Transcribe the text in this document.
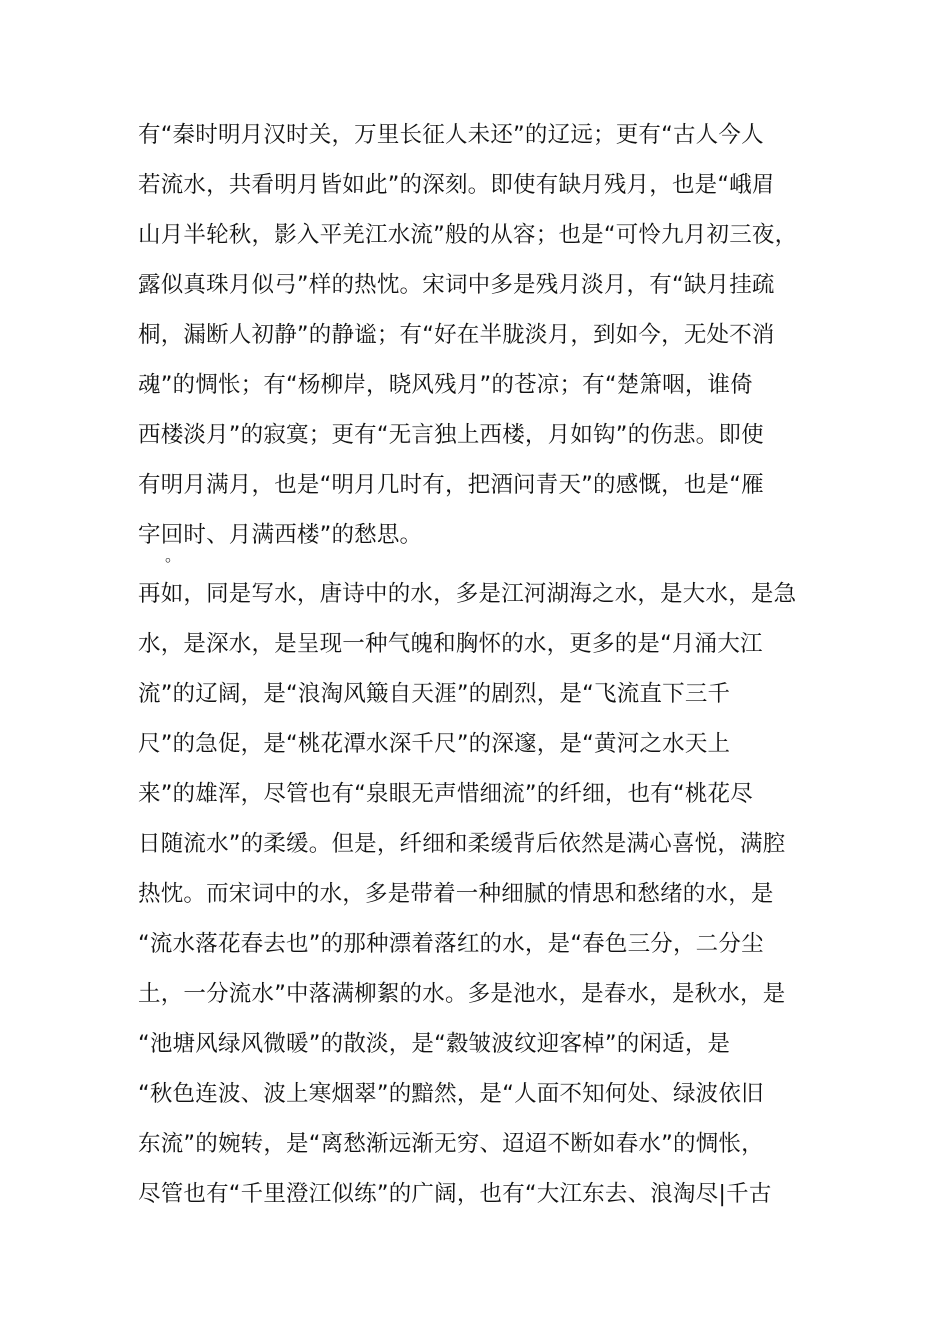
有“秦时明月汉时关，万里长征人未还”的辽远；更有“古人今人
若流水，共看明月皆如此”的深刻。即使有缺月残月，也是“峨眉
山月半轮秋，影入平羌江水流”般的从容；也是“可怜九月初三夜，
露似真珠月似弓”样的热忱。宋词中多是残月淡月，有“缺月挂疏
桐，漏断人初静”的静谧；有“好在半胧淡月，到如今，无处不消
魂”的惆怅；有“杨柳岸，晓风残月”的苍凉；有“楚箫咽，谁倚
西楼淡月”的寂寞；更有“无言独上西楼，月如钩”的伤悲。即使
有明月满月，也是“明月几时有，把酒问青天”的感慨，也是“雁
字回时、月满西楼”的愁思。
。
再如，同是写水，唐诗中的水，多是江河湖海之水，是大水，是急
水，是深水，是呈现一种气魄和胸怀的水，更多的是“月涌大江
流”的辽阔，是“浪淘风簸自天涯”的剧烈，是“飞流直下三千
尺”的急促，是“桃花潭水深千尺”的深邃，是“黄河之水天上
来”的雄浑，尽管也有“泉眼无声惜细流”的纤细，也有“桃花尽
日随流水”的柔缓。但是，纤细和柔缓背后依然是满心喜悦，满腔
热忱。而宋词中的水，多是带着一种细腻的情思和愁绪的水，是
“流水落花春去也”的那种漂着落红的水，是“春色三分，二分尘
土，一分流水”中落满柳絮的水。多是池水，是春水，是秋水，是
“池塘风绿风微暖”的散淡，是“縠皱波纹迎客棹”的闲适，是
“秋色连波、波上寒烟翠”的黯然，是“人面不知何处、绿波依旧
东流”的婉转，是“离愁渐远渐无穷、迢迢不断如春水”的惆怅，
尽管也有“千里澄江似练”的广阔，也有“大江东去、浪淘尽|千古
